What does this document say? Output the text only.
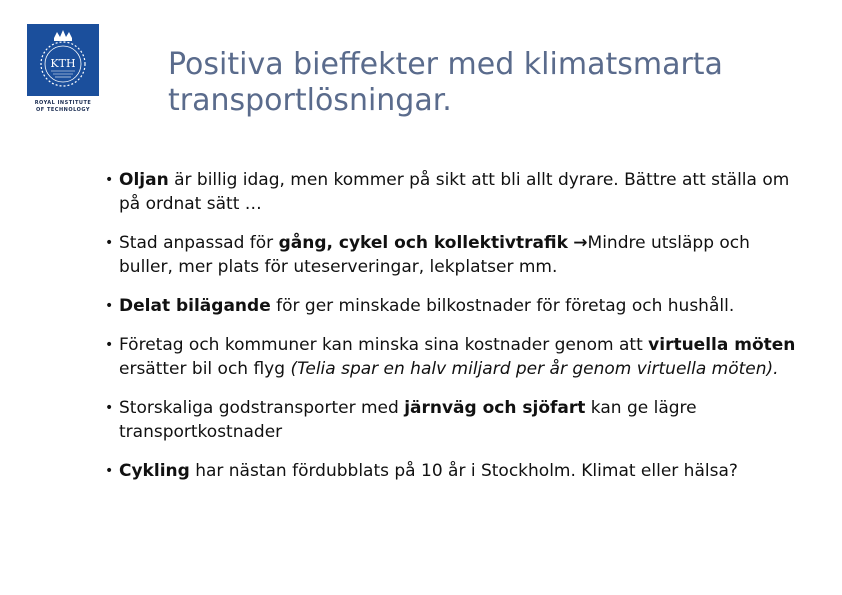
KTH
ROYAL INSTITUTE
OF TECHNOLOGY
Positiva bieffekter med klimatsmarta transportlösningar.
• Oljan är billig idag, men kommer på sikt att bli allt dyrare. Bättre att ställa om på ordnat sätt …
• Stad anpassad för gång, cykel och kollektivtrafik →Mindre utsläpp och buller, mer plats för uteserveringar, lekplatser mm.
• Delat bilägande för ger minskade bilkostnader för företag och hushåll.
• Företag och kommuner kan minska sina kostnader genom att virtuella möten ersätter bil och flyg (Telia spar en halv miljard per år genom virtuella möten).
• Storskaliga godstransporter med järnväg och sjöfart kan ge lägre transportkostnader
• Cykling har nästan fördubblats på 10 år i Stockholm. Klimat eller hälsa?
